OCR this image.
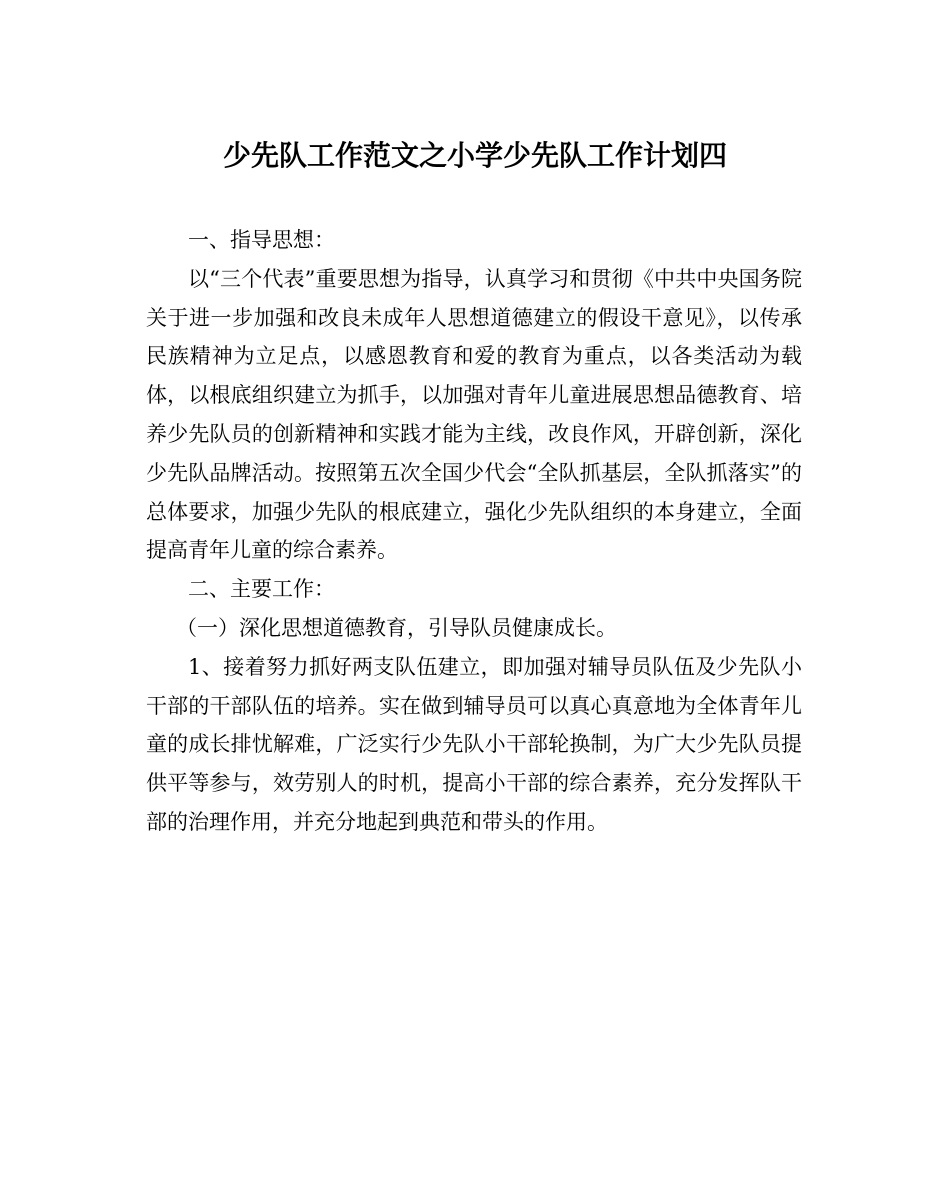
少先队工作范文之小学少先队工作计划四

一、指导思想：

以“三个代表”重要思想为指导，认真学习和贯彻《中共中央国务院关于进一步加强和改良未成年人思想道德建立的假设干意见》，以传承民族精神为立足点，以感恩教育和爱的教育为重点，以各类活动为载体，以根底组织建立为抓手，以加强对青年儿童进展思想品德教育、培养少先队员的创新精神和实践才能为主线，改良作风，开辟创新，深化少先队品牌活动。按照第五次全国少代会“全队抓基层，全队抓落实”的总体要求，加强少先队的根底建立，强化少先队组织的本身建立，全面提高青年儿童的综合素养。

二、主要工作：

（一）深化思想道德教育，引导队员健康成长。

1、接着努力抓好两支队伍建立，即加强对辅导员队伍及少先队小干部的干部队伍的培养。实在做到辅导员可以真心真意地为全体青年儿童的成长排忧解难，广泛实行少先队小干部轮换制，为广大少先队员提供平等参与，效劳别人的时机，提高小干部的综合素养，充分发挥队干部的治理作用，并充分地起到典范和带头的作用。
